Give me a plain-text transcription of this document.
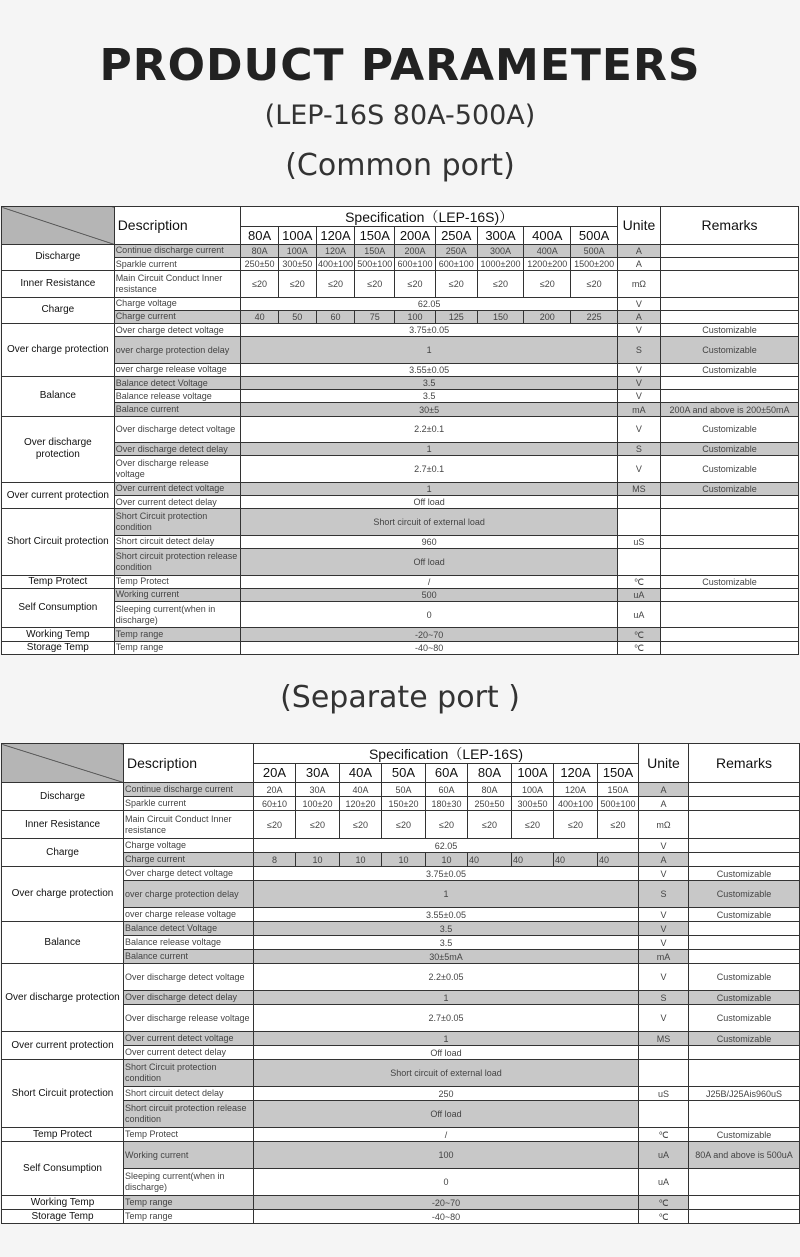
PRODUCT PARAMETERS
(LEP-16S 80A-500A)
(Common port)
	Description	Specification（LEP-16S)）									Unite	Remarks
		80A	100A	120A	150A	200A	250A	300A	400A	500A		
Discharge	Continue discharge current	80A	100A	120A	150A	200A	250A	300A	400A	500A	A	
	Sparkle current	250±50	300±50	400±100	500±100	600±100	600±100	1000±200	1200±200	1500±200	A	
Inner Resistance	Main Circuit Conduct Inner resistance	≤20	≤20	≤20	≤20	≤20	≤20	≤20	≤20	≤20	mΩ	
Charge	Charge voltage	62.05									V	
	Charge current	40	50	60	75	100	125	150	200	225	A	
Over charge protection	Over charge detect voltage	3.75±0.05									V	Customizable
	over charge protection delay	1									S	Customizable
	over charge release voltage	3.55±0.05									V	Customizable
Balance	Balance detect Voltage	3.5									V	
	Balance release voltage	3.5									V	
	Balance current	30±5									mA	200A and above is 200±50mA
Over discharge protection	Over discharge detect voltage	2.2±0.1									V	Customizable
	Over discharge detect delay	1									S	Customizable
	Over discharge release voltage	2.7±0.1									V	Customizable
Over current protection	Over current detect voltage	1									MS	Customizable
	Over current detect delay	Off load										
Short Circuit protection	Short Circuit protection condition	Short circuit of external load										
	Short circuit detect delay	960									uS	
	Short circuit protection release condition	Off load										
Temp Protect	Temp Protect	/									℃	Customizable
Self Consumption	Working current	500									uA	
	Sleeping current(when in discharge)	0									uA	
Working Temp	Temp range	-20~70									℃	
Storage Temp	Temp range	-40~80									℃	
(Separate port )
	Description	Specification（LEP-16S)									Unite	Remarks
		20A	30A	40A	50A	60A	80A	100A	120A	150A		
Discharge	Continue discharge current	20A	30A	40A	50A	60A	80A	100A	120A	150A	A	
	Sparkle current	60±10	100±20	120±20	150±20	180±30	250±50	300±50	400±100	500±100	A	
Inner Resistance	Main Circuit Conduct Inner resistance	≤20	≤20	≤20	≤20	≤20	≤20	≤20	≤20	≤20	mΩ	
Charge	Charge voltage	62.05									V	
	Charge current	8	10	10	10	10	40	40	40	40	A	
Over charge protection	Over charge detect voltage	3.75±0.05									V	Customizable
	over charge protection delay	1									S	Customizable
	over charge release voltage	3.55±0.05									V	Customizable
Balance	Balance detect Voltage	3.5									V	
	Balance release voltage	3.5									V	
	Balance current	30±5mA									mA	
Over discharge protection	Over discharge detect voltage	2.2±0.05									V	Customizable
	Over discharge detect delay	1									S	Customizable
	Over discharge release voltage	2.7±0.05									V	Customizable
Over current protection	Over current detect voltage	1									MS	Customizable
	Over current detect delay	Off load										
Short Circuit protection	Short Circuit protection condition	Short circuit of external load										
	Short circuit detect delay	250									uS	J25B/J25Ais960uS
	Short circuit protection release condition	Off load										
Temp Protect	Temp Protect	/									℃	Customizable
Self Consumption	Working current	100									uA	80A and above is 500uA
	Sleeping current(when in discharge)	0									uA	
Working Temp	Temp range	-20~70									℃	
Storage Temp	Temp range	-40~80									℃	
